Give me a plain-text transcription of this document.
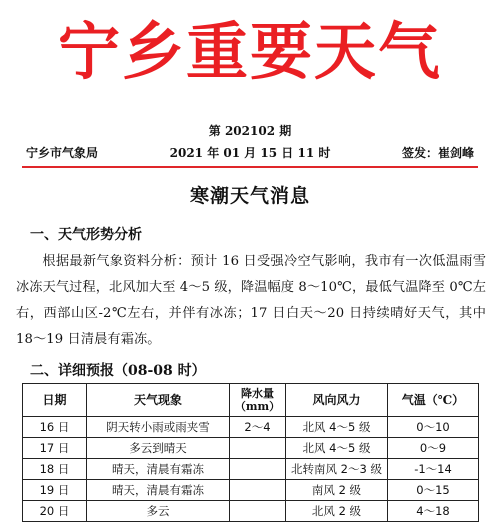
宁乡重要天气
第 202102 期
2021 年 01 月 15 日 11 时
宁乡市气象局	签发：崔剑峰
寒潮天气消息
一、天气形势分析
根据最新气象资料分析：预计 16 日受强冷空气影响，我市有一次低温雨雪冰冻天气过程，北风加大至 4～5 级，降温幅度 8～10℃，最低气温降至 0℃左右，西部山区-2℃左右，并伴有冰冻；17 日白天～20 日持续晴好天气，其中 18～19 日清晨有霜冻。
二、详细预报（08-08 时）
日期	天气现象	降水量（mm）	风向风力	气温（℃）
16 日	阴天转小雨或雨夹雪	2～4	北风 4～5 级	0～10
17 日	多云到晴天		北风 4～5 级	0～9
18 日	晴天，清晨有霜冻		北转南风 2～3 级	-1～14
19 日	晴天，清晨有霜冻		南风 2 级	0～15
20 日	多云		北风 2 级	4～18
